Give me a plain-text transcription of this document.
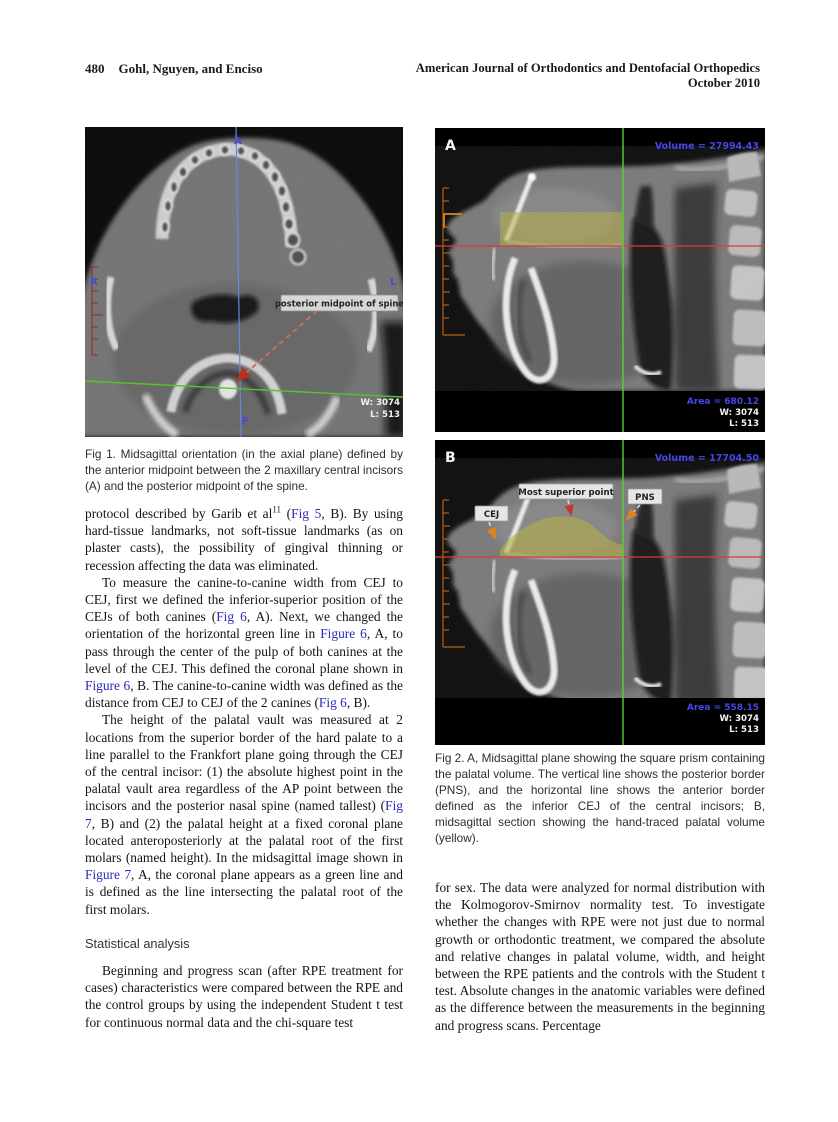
480 Gohl, Nguyen, and Enciso	American Journal of Orthodontics and Dentofacial Orthopedics
October 2010
posterior midpoint of spine
A
P
R	L
W: 3074
L: 513
A	Volume = 27994.43
Area = 680.12
W: 3074
L: 513
CEJ
Most superior point PNS
B	Volume = 17704.50
Area = 558.15
W: 3074
L: 513
Fig 1. Midsagittal orientation (in the axial plane) defined by the anterior midpoint between the 2 maxillary central incisors (A) and the posterior midpoint of the spine.
Fig 2. A, Midsagittal plane showing the square prism containing the palatal volume. The vertical line shows the posterior border (PNS), and the horizontal line shows the anterior border defined as the inferior CEJ of the central incisors; B, midsagittal section showing the hand-traced palatal volume (yellow).

protocol described by Garib et $al^{11}$ (Fig 5, B). By using hard-tissue landmarks, not soft-tissue landmarks (as on plaster casts), the possibility of gingival thinning or recession affecting the data was eliminated.

To measure the canine-to-canine width from CEJ to CEJ, first we defined the inferior-superior position of the CEJs of both canines (Fig 6, A). Next, we changed the orientation of the horizontal green line in Figure 6, A, to pass through the center of the pulp of both canines at the level of the CEJ. This defined the coronal plane shown in Figure 6, B. The canine-to-canine width was defined as the distance from CEJ to CEJ of the 2 canines (Fig 6, B).

The height of the palatal vault was measured at 2 locations from the superior border of the hard palate to a line parallel to the Frankfort plane going through the CEJ of the central incisor: (1) the absolute highest point in the palatal vault area regardless of the AP point between the incisors and the posterior nasal spine (named tallest) (Fig 7, B) and (2) the palatal height at a fixed coronal plane located anteroposteriorly at the palatal root of the first molars (named height). In the midsagittal image shown in Figure 7, A, the coronal plane appears as a green line and is defined as the line intersecting the palatal root of the first molars.

Statistical analysis

Beginning and progress scan (after RPE treatment for cases) characteristics were compared between the RPE and the control groups by using the independent Student t test for continuous normal data and the chi-square test

for sex. The data were analyzed for normal distribution with the Kolmogorov-Smirnov normality test. To investigate whether the changes with RPE were not just due to normal growth or orthodontic treatment, we compared the absolute and relative changes in palatal volume, width, and height between the RPE patients and the controls with the Student t test. Absolute changes in the anatomic variables were defined as the difference between the measurements in the beginning and progress scans. Percentage
